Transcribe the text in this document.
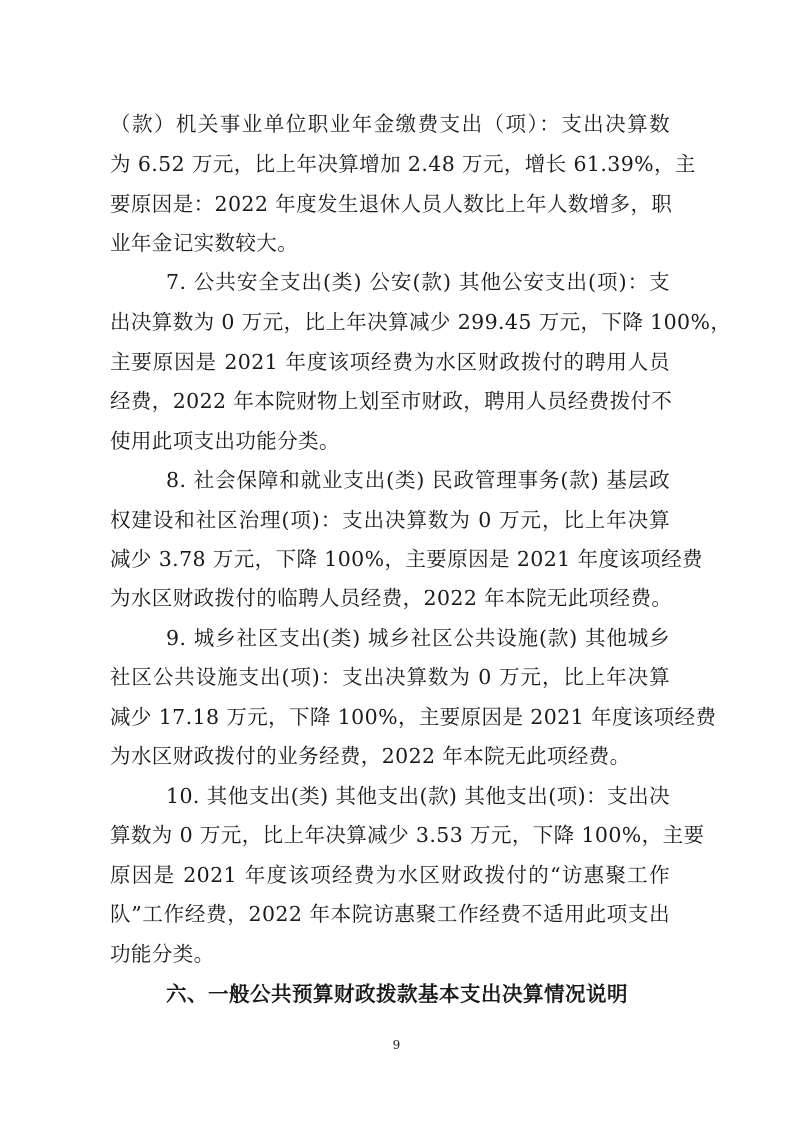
（款）机关事业单位职业年金缴费支出（项）：支出决算数
为 6.52 万元，比上年决算增加 2.48 万元，增长 61.39%，主
要原因是：2022 年度发生退休人员人数比上年人数增多，职
业年金记实数较大。
7. 公共安全支出(类) 公安(款) 其他公安支出(项)：支
出决算数为 0 万元，比上年决算减少 299.45 万元，下降 100%，
主要原因是 2021 年度该项经费为水区财政拨付的聘用人员
经费，2022 年本院财物上划至市财政，聘用人员经费拨付不
使用此项支出功能分类。
8. 社会保障和就业支出(类) 民政管理事务(款) 基层政
权建设和社区治理(项)：支出决算数为 0 万元，比上年决算
减少 3.78 万元，下降 100%，主要原因是 2021 年度该项经费
为水区财政拨付的临聘人员经费，2022 年本院无此项经费。
9. 城乡社区支出(类) 城乡社区公共设施(款) 其他城乡
社区公共设施支出(项)：支出决算数为 0 万元，比上年决算
减少 17.18 万元，下降 100%，主要原因是 2021 年度该项经费
为水区财政拨付的业务经费，2022 年本院无此项经费。
10. 其他支出(类) 其他支出(款) 其他支出(项)：支出决
算数为 0 万元，比上年决算减少 3.53 万元，下降 100%，主要
原因是 2021 年度该项经费为水区财政拨付的“访惠聚工作
队”工作经费，2022 年本院访惠聚工作经费不适用此项支出
功能分类。
六、一般公共预算财政拨款基本支出决算情况说明
9
